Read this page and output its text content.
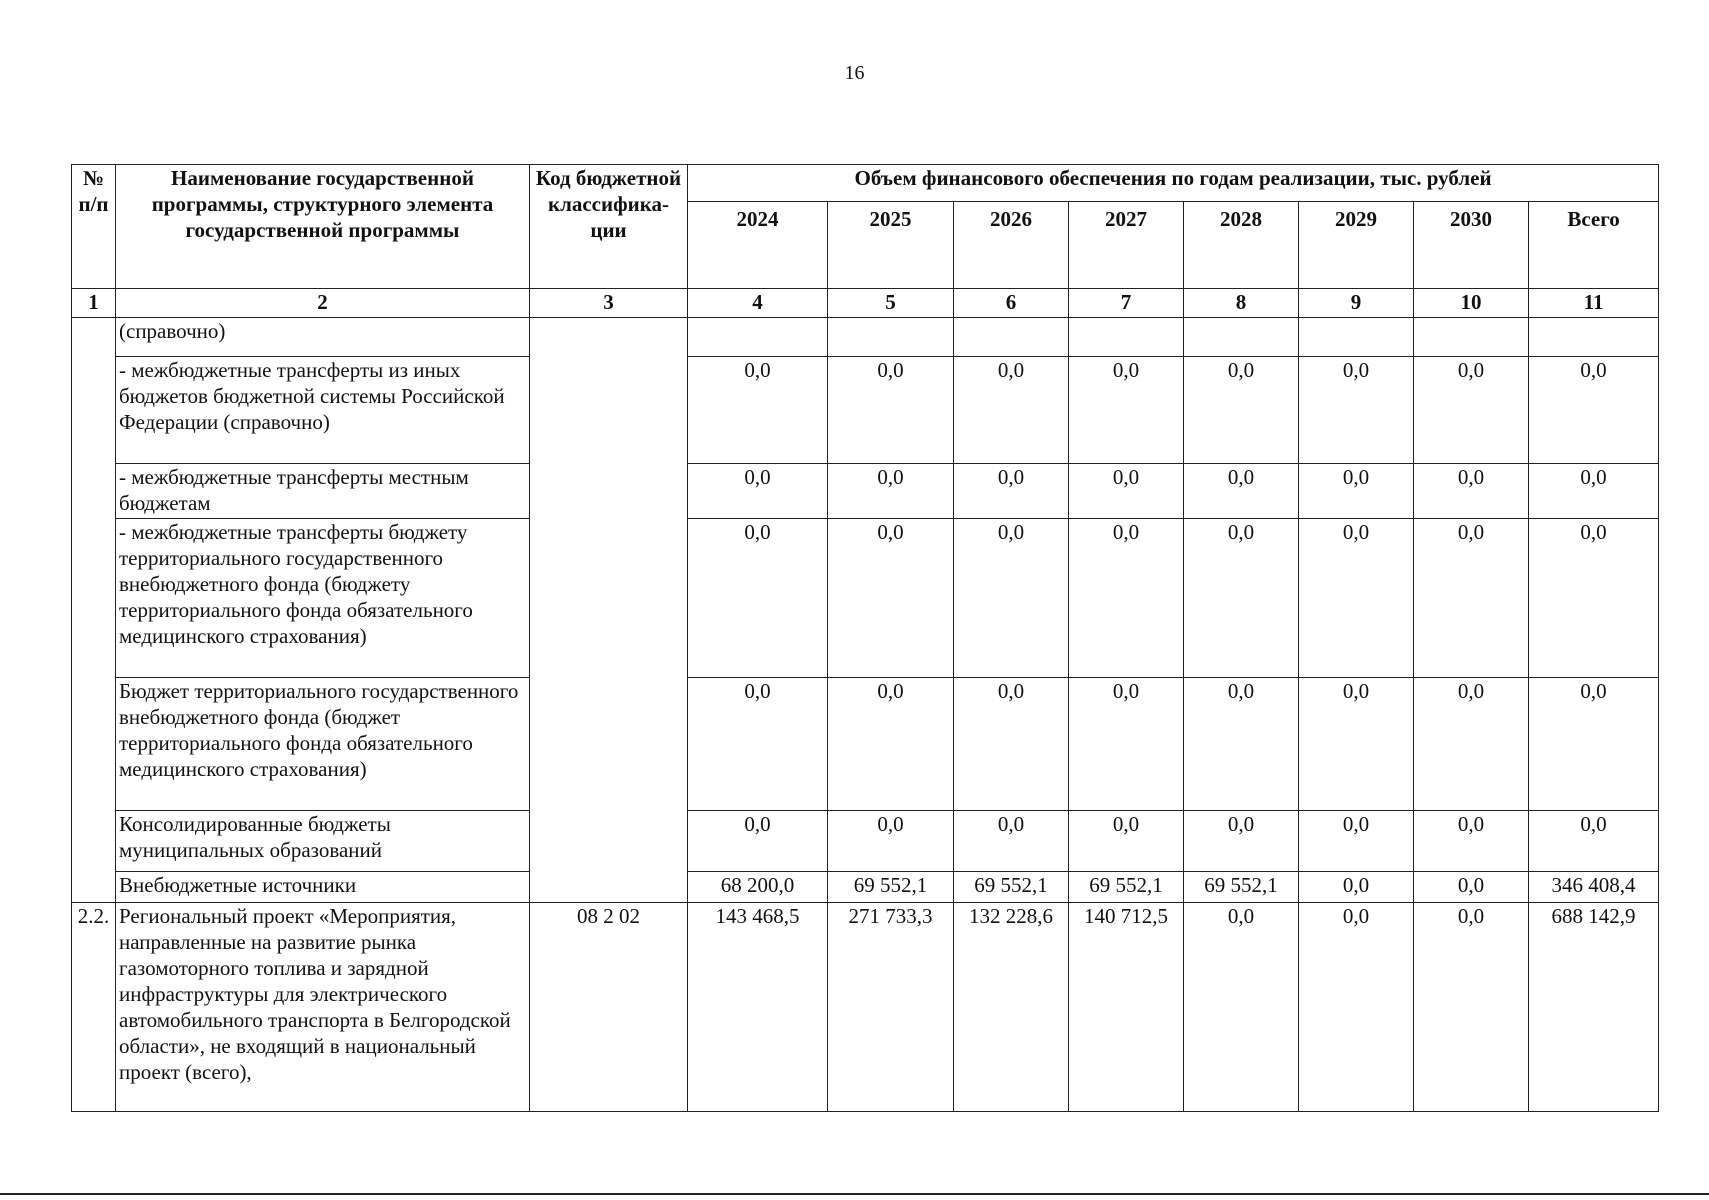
16
№ п/п	Наименование государственной программы, структурного элемента государственной программы	Код бюджетной классифика-ции	Объем финансового обеспечения по годам реализации, тыс. рублей							
			2024	2025	2026	2027	2028	2029	2030	Всего
1	2	3	4	5	6	7	8	9	10	11
	(справочно)									
	- межбюджетные трансферты из иных бюджетов бюджетной системы Российской Федерации (справочно)		0,0	0,0	0,0	0,0	0,0	0,0	0,0	0,0
	- межбюджетные трансферты местным бюджетам		0,0	0,0	0,0	0,0	0,0	0,0	0,0	0,0
	- межбюджетные трансферты бюджету территориального государственного внебюджетного фонда (бюджету территориального фонда обязательного медицинского страхования)		0,0	0,0	0,0	0,0	0,0	0,0	0,0	0,0
	Бюджет территориального государственного внебюджетного фонда (бюджет территориального фонда обязательного медицинского страхования)		0,0	0,0	0,0	0,0	0,0	0,0	0,0	0,0
	Консолидированные бюджеты муниципальных образований		0,0	0,0	0,0	0,0	0,0	0,0	0,0	0,0
	Внебюджетные источники		68 200,0	69 552,1	69 552,1	69 552,1	69 552,1	0,0	0,0	346 408,4
2.2.	Региональный проект «Мероприятия, направленные на развитие рынка газомоторного топлива и зарядной инфраструктуры для электрического автомобильного транспорта в Белгородской области», не входящий в национальный проект (всего),	08 2 02	143 468,5	271 733,3	132 228,6	140 712,5	0,0	0,0	0,0	688 142,9
